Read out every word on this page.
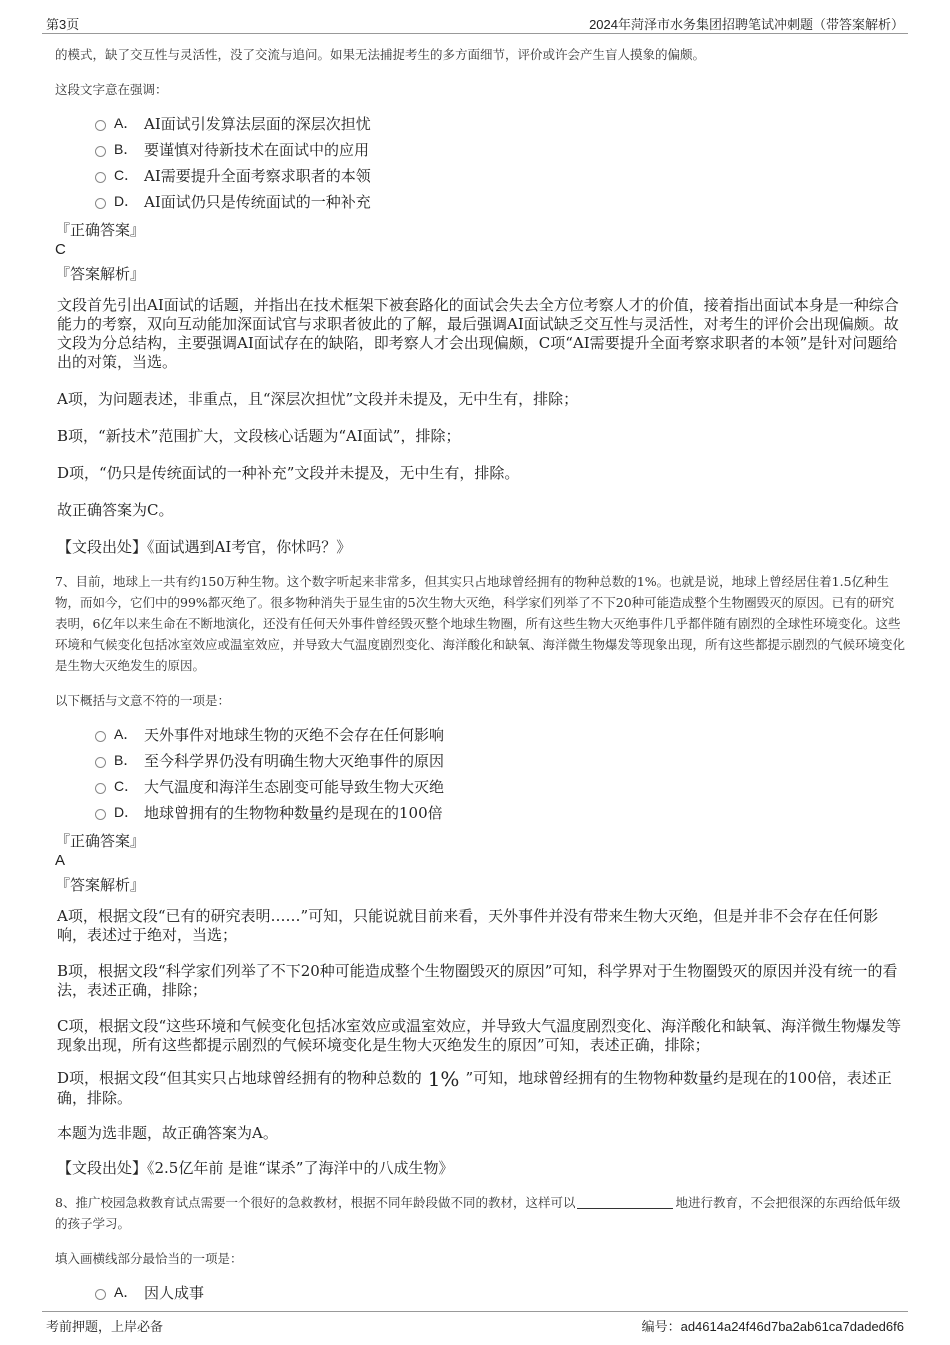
第3页	2024年菏泽市水务集团招聘笔试冲刺题（带答案解析）

的模式，缺了交互性与灵活性，没了交流与追问。如果无法捕捉考生的多方面细节，评价或许会产生盲人摸象的偏颇。

这段文字意在强调：

A． AI面试引发算法层面的深层次担忧
B． 要谨慎对待新技术在面试中的应用
C． AI需要提升全面考察求职者的本领
D． AI面试仍只是传统面试的一种补充
『正确答案』
C
『答案解析』

文段首先引出AI面试的话题，并指出在技术框架下被套路化的面试会失去全方位考察人才的价值，接着指出面试本身是一种综合能力的考察，双向互动能加深面试官与求职者彼此的了解，最后强调AI面试缺乏交互性与灵活性，对考生的评价会出现偏颇。故文段为分总结构，主要强调AI面试存在的缺陷，即考察人才会出现偏颇，C项“AI需要提升全面考察求职者的本领”是针对问题给出的对策，当选。

A项，为问题表述，非重点，且“深层次担忧”文段并未提及，无中生有，排除；

B项，“新技术”范围扩大，文段核心话题为“AI面试”，排除；

D项，“仍只是传统面试的一种补充”文段并未提及，无中生有，排除。

故正确答案为C。

【文段出处】《面试遇到AI考官，你怵吗？》

7、目前，地球上一共有约150万种生物。这个数字听起来非常多，但其实只占地球曾经拥有的物种总数的1%。也就是说，地球上曾经居住着1.5亿种生物，而如今，它们中的99%都灭绝了。很多物种消失于显生宙的5次生物大灭绝，科学家们列举了不下20种可能造成整个生物圈毁灭的原因。已有的研究表明，6亿年以来生命在不断地演化，还没有任何天外事件曾经毁灭整个地球生物圈，所有这些生物大灭绝事件几乎都伴随有剧烈的全球性环境变化。这些环境和气候变化包括冰室效应或温室效应，并导致大气温度剧烈变化、海洋酸化和缺氧、海洋微生物爆发等现象出现，所有这些都提示剧烈的气候环境变化是生物大灭绝发生的原因。

以下概括与文意不符的一项是：

A． 天外事件对地球生物的灭绝不会存在任何影响
B． 至今科学界仍没有明确生物大灭绝事件的原因
C． 大气温度和海洋生态剧变可能导致生物大灭绝
D． 地球曾拥有的生物物种数量约是现在的100倍
『正确答案』
A
『答案解析』

A项，根据文段“已有的研究表明……”可知，只能说就目前来看，天外事件并没有带来生物大灭绝，但是并非不会存在任何影响，表述过于绝对，当选；

B项，根据文段“科学家们列举了不下20种可能造成整个生物圈毁灭的原因”可知，科学界对于生物圈毁灭的原因并没有统一的看法，表述正确，排除；

C项，根据文段“这些环境和气候变化包括冰室效应或温室效应，并导致大气温度剧烈变化、海洋酸化和缺氧、海洋微生物爆发等现象出现，所有这些都提示剧烈的气候环境变化是生物大灭绝发生的原因”可知，表述正确，排除；

D项，根据文段“但其实只占地球曾经拥有的物种总数的 1% ”可知，地球曾经拥有的生物物种数量约是现在的100倍，表述正确，排除。

本题为选非题，故正确答案为A。

【文段出处】《2.5亿年前 是谁“谋杀”了海洋中的八成生物》

8、推广校园急救教育试点需要一个很好的急救教材，根据不同年龄段做不同的教材，这样可以	地进行教育，不会把很深的东西给低年级的孩子学习。

填入画横线部分最恰当的一项是：

A． 因人成事
考前押题，上岸必备	编号：ad4614a24f46d7ba2ab61ca7daded6f6
